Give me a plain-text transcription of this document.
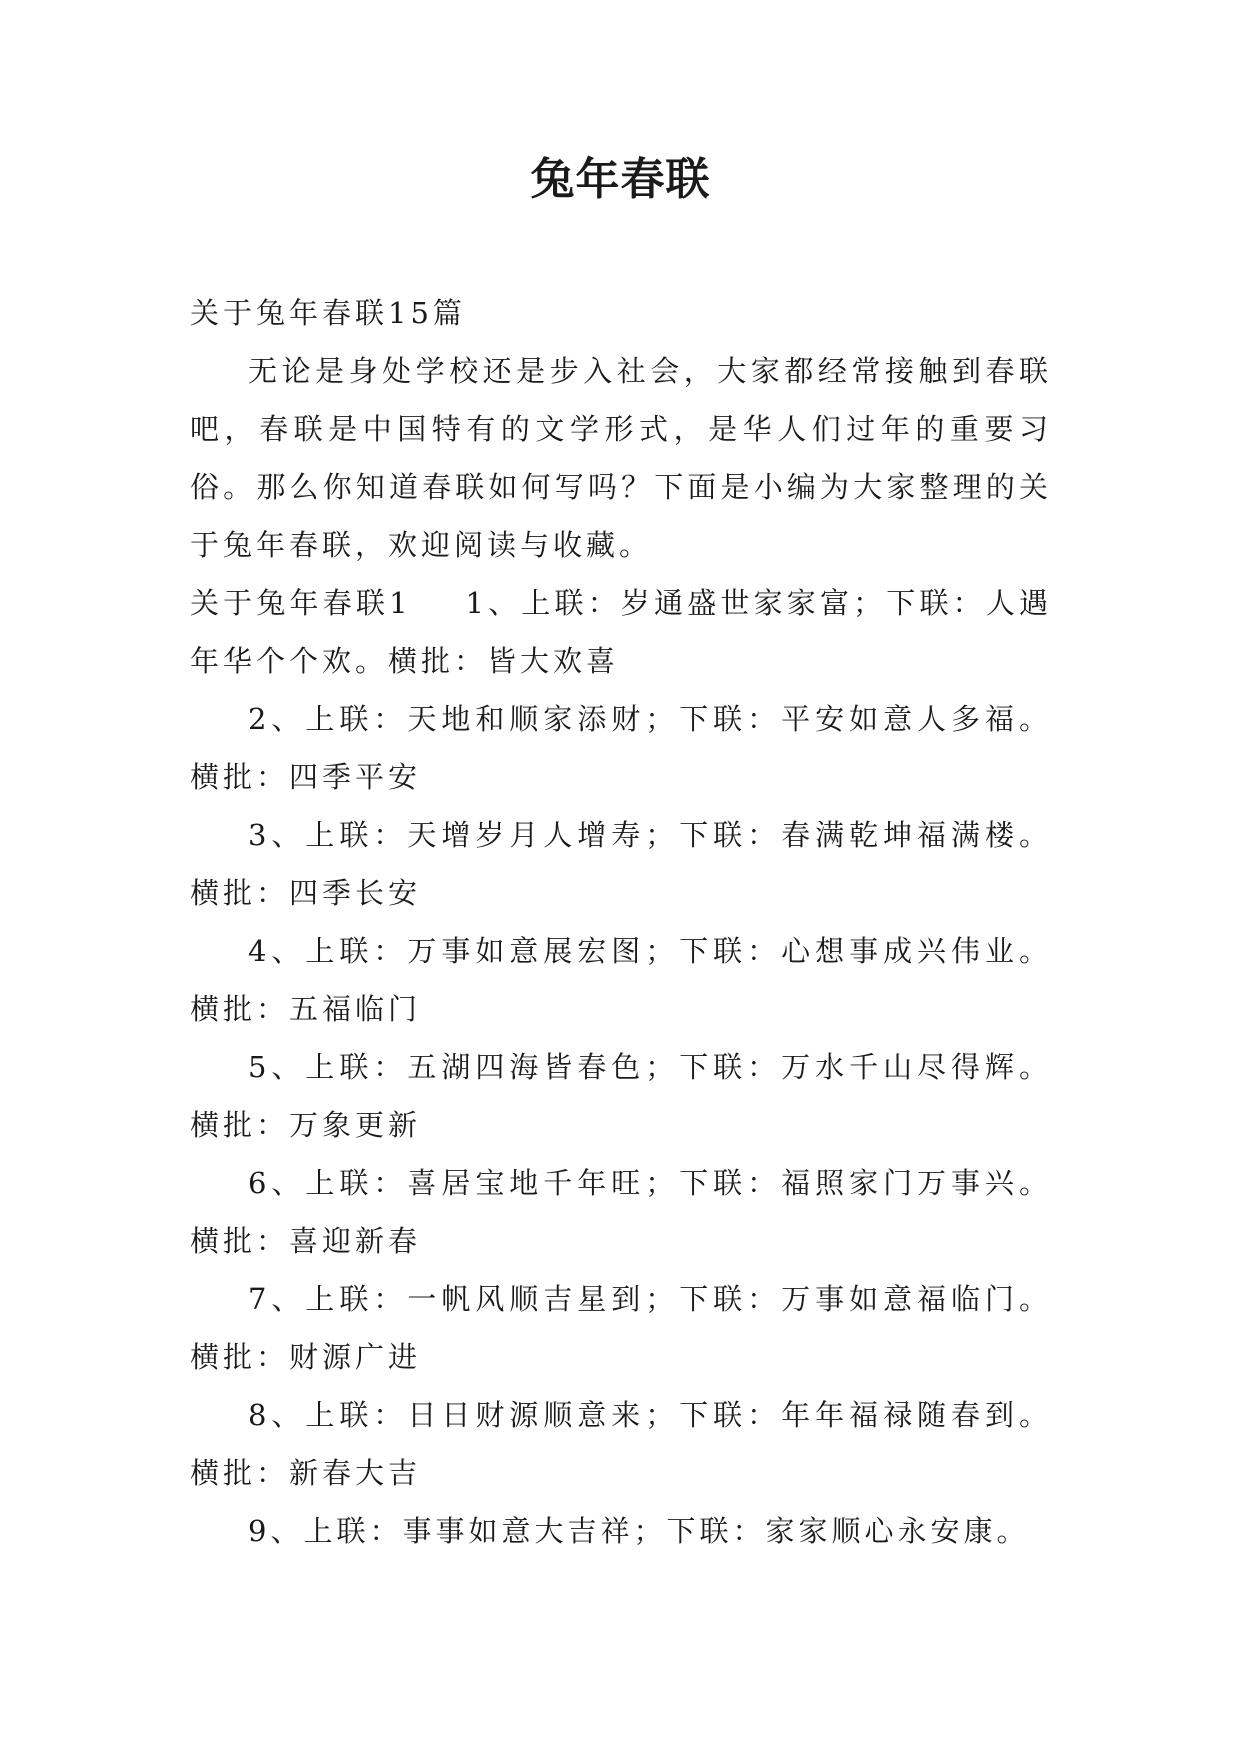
兔年春联

关于兔年春联15篇

无论是身处学校还是步入社会，大家都经常接触到春联吧，春联是中国特有的文学形式，是华人们过年的重要习俗。那么你知道春联如何写吗？下面是小编为大家整理的关于兔年春联，欢迎阅读与收藏。

关于兔年春联1 1、上联：岁通盛世家家富；下联：人遇年华个个欢。横批：皆大欢喜

2、上联：天地和顺家添财；下联：平安如意人多福。横批：四季平安

3、上联：天增岁月人增寿；下联：春满乾坤福满楼。横批：四季长安

4、上联：万事如意展宏图；下联：心想事成兴伟业。横批：五福临门

5、上联：五湖四海皆春色；下联：万水千山尽得辉。横批：万象更新

6、上联：喜居宝地千年旺；下联：福照家门万事兴。横批：喜迎新春

7、上联：一帆风顺吉星到；下联：万事如意福临门。横批：财源广进

8、上联：日日财源顺意来；下联：年年福禄随春到。横批：新春大吉

9、上联：事事如意大吉祥；下联：家家顺心永安康。
